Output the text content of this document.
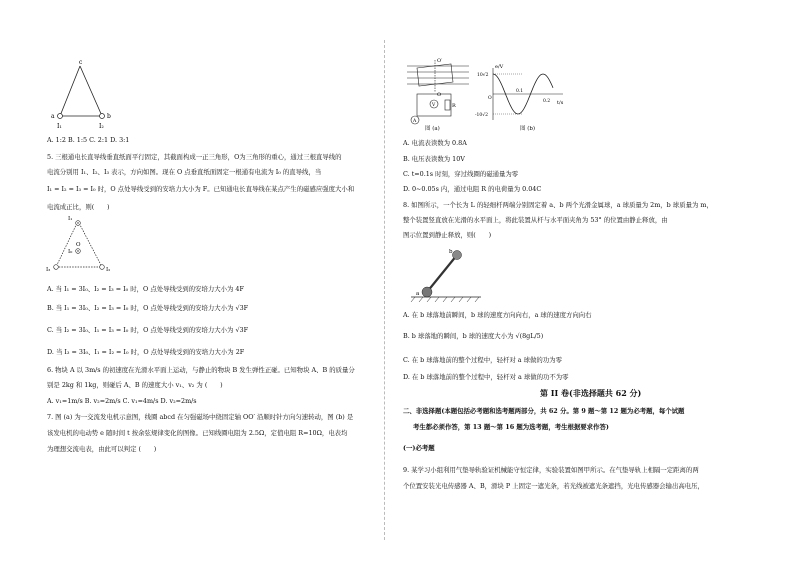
c
a	b
I₁	I₂
A. 1:2 B. 1:5 C. 2:1 D. 3:1
5. 三根通电长直导线垂直纸面平行固定，其截面构成一正三角形，O为三角形的重心，通过三根直导线的
电流分别用 I₁、I₂、I₃ 表示，方向如图。现在 O 点垂直纸面固定一根通有电流为 I₀ 的直导线，当
I₁ = I₂ = I₃ = I₀ 时，O 点处导线受到的安培力大小为 F。已知通电长直导线在某点产生的磁感应强度大小和
电流成正比，则(　　)
I₁
O
I₀
I₃	I₂
A. 当 I₁ = 3I₀、I₂ = I₃ = I₀ 时，O 点处导线受到的安培力大小为 4F
B. 当 I₁ = 3I₀、I₂ = I₃ = I₀ 时，O 点处导线受到的安培力大小为 √3F
C. 当 I₂ = 3I₀、I₁ = I₃ = I₀ 时，O 点处导线受到的安培力大小为 √3F
D. 当 I₃ = 3I₀、I₁ = I₂ = I₀ 时，O 点处导线受到的安培力大小为 2F
6. 物块 A 以 3m/s 的初速度在光滑水平面上运动，与静止的物块 B 发生弹性正碰。已知物块 A、B 的质量分
别是 2kg 和 1kg，则碰后 A、B 的速度大小 v₁、v₂ 为 (　　)
A. v₁=1m/s B. v₂=2m/s C. v₁=4m/s D. v₂=2m/s
7. 图 (a) 为一交流发电机示意图，线圈 abcd 在匀强磁场中绕固定轴 OO′ 沿顺时针方向匀速转动，图 (b) 是
该发电机的电动势 e 随时间 t 按余弦规律变化的图像。已知线圈电阻为 2.5Ω，定值电阻 R=10Ω，电表均
为理想交流电表，由此可以判定 (　　)
O′
O
V
A
R
图 (a)
e/V
t/s
10√2
-10√2
0.1
0.2
O
图 (b)
A. 电流表读数为 0.8A
B. 电压表读数为 10V
C. t=0.1s 时刻，穿过线圈的磁通量为零
D. 0~0.05s 内，通过电阻 R 的电荷量为 0.04C
8. 如图所示，一个长为 L 的轻细杆两端分别固定着 a、b 两个光滑金属球，a 球质量为 2m，b 球质量为 m，
整个装置竖直放在光滑的水平面上，将此装置从杆与水平面夹角为 53° 的位置由静止释放，由
图示位置到静止释放，则(　　)
a
b
A. 在 b 球落地前瞬间，b 球的速度方向向右，a 球的速度方向向右
B. b 球落地的瞬间，b 球的速度大小为 √(8gL/5)
C. 在 b 球落地前的整个过程中，轻杆对 a 球做的功为零
D. 在 b 球落地前的整个过程中，轻杆对 a 球做的功不为零
第 II 卷(非选择题共 62 分)
二、非选择题(本题包括必考题和选考题两部分，共 62 分。第 9 题～第 12 题为必考题，每个试题
考生都必须作答，第 13 题～第 16 题为选考题，考生根据要求作答)
(一)必考题
9. 某学习小组利用气垫导轨验证机械能守恒定律，实验装置如图甲所示。在气垫导轨上相隔一定距离的两
个位置安装光电传感器 A、B，滑块 P 上固定一遮光条，若光线被遮光条遮挡，光电传感器会输出高电压，
